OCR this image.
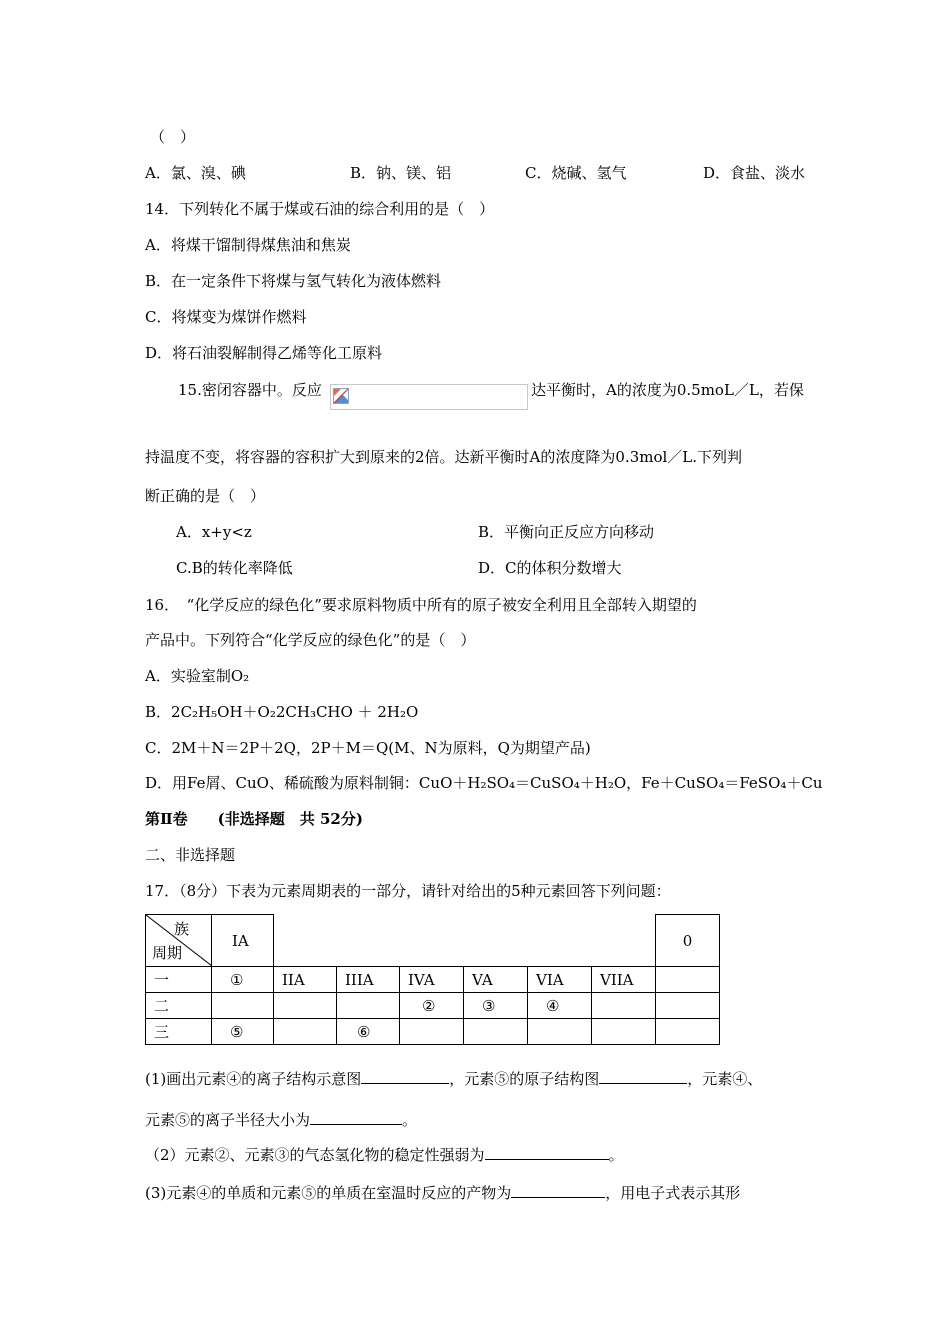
（　）
A．氯、溴、碘	B．钠、镁、铝	C．烧碱、氢气	D．食盐、淡水
14．下列转化不属于煤或石油的综合利用的是（　）
A．将煤干馏制得煤焦油和焦炭
B．在一定条件下将煤与氢气转化为液体燃料
C．将煤变为煤饼作燃料
D．将石油裂解制得乙烯等化工原料
15.密闭容器中。反应	达平衡时，A的浓度为0.5moL／L，若保
持温度不变，将容器的容积扩大到原来的2倍。达新平衡时A的浓度降为0.3mol／L.下列判
断正确的是（　）
A．x+y<z	B．平衡向正反应方向移动
C.B的转化率降低	D．C的体积分数增大
16．　“化学反应的绿色化”要求原料物质中所有的原子被安全利用且全部转入期望的
产品中。下列符合“化学反应的绿色化”的是（　）
A．实验室制O₂
B．2C₂H₅OH＋O₂2CH₃CHO ＋ 2H₂O
C．2M＋N＝2P＋2Q，2P＋M＝Q(M、N为原料，Q为期望产品)
D．用Fe屑、CuO、稀硫酸为原料制铜：CuO＋H₂SO₄＝CuSO₄＋H₂O，Fe＋CuSO₄＝FeSO₄＋Cu
第Ⅱ卷　　(非选择题　共 52分)
二、非选择题
17．（8分）下表为元素周期表的一部分，请针对给出的5种元素回答下列问题：
族
周期	IA							0
一	①	IIA	IIIA	IVA	VA	VIA	VIIA	
二				②	③	④		
三	⑤		⑥					
(1)画出元素④的离子结构示意图	，元素⑤的原子结构图	，元素④、
元素⑤的离子半径大小为	。
（2）元素②、元素③的气态氢化物的稳定性强弱为	。
(3)元素④的单质和元素⑤的单质在室温时反应的产物为	，用电子式表示其形
